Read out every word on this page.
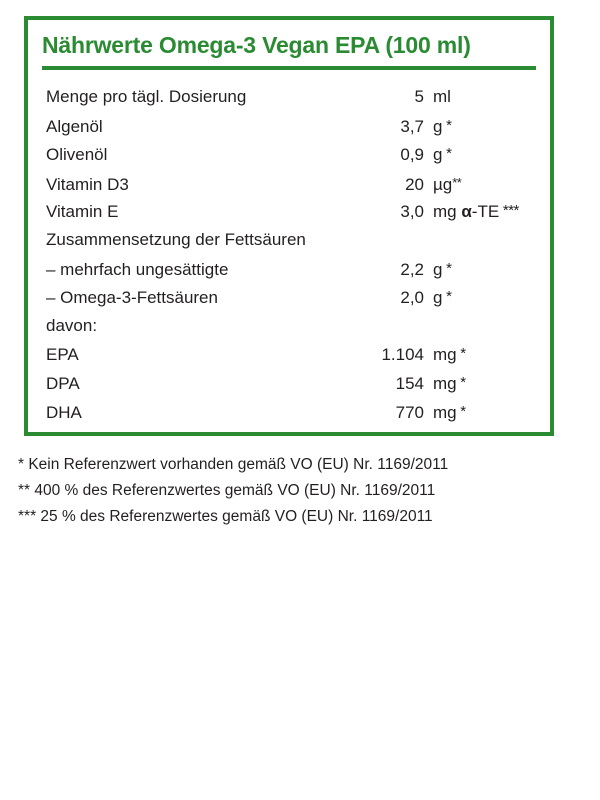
Nährwerte Omega-3 Vegan EPA (100 ml)
Menge pro tägl. Dosierung	5 ml
Algenöl	3,7 g *
Olivenöl	0,9 g *
Vitamin D3	20 µg**
Vitamin E	3,0 mg α-TE ***
Zusammensetzung der Fettsäuren
– mehrfach ungesättigte	2,2 g *
– Omega-3-Fettsäuren	2,0 g *
davon:
EPA	1.104 mg *
DPA	154 mg *
DHA	770 mg *
* Kein Referenzwert vorhanden gemäß VO (EU) Nr. 1169/2011
** 400 % des Referenzwertes gemäß VO (EU) Nr. 1169/2011
*** 25 % des Referenzwertes gemäß VO (EU) Nr. 1169/2011
